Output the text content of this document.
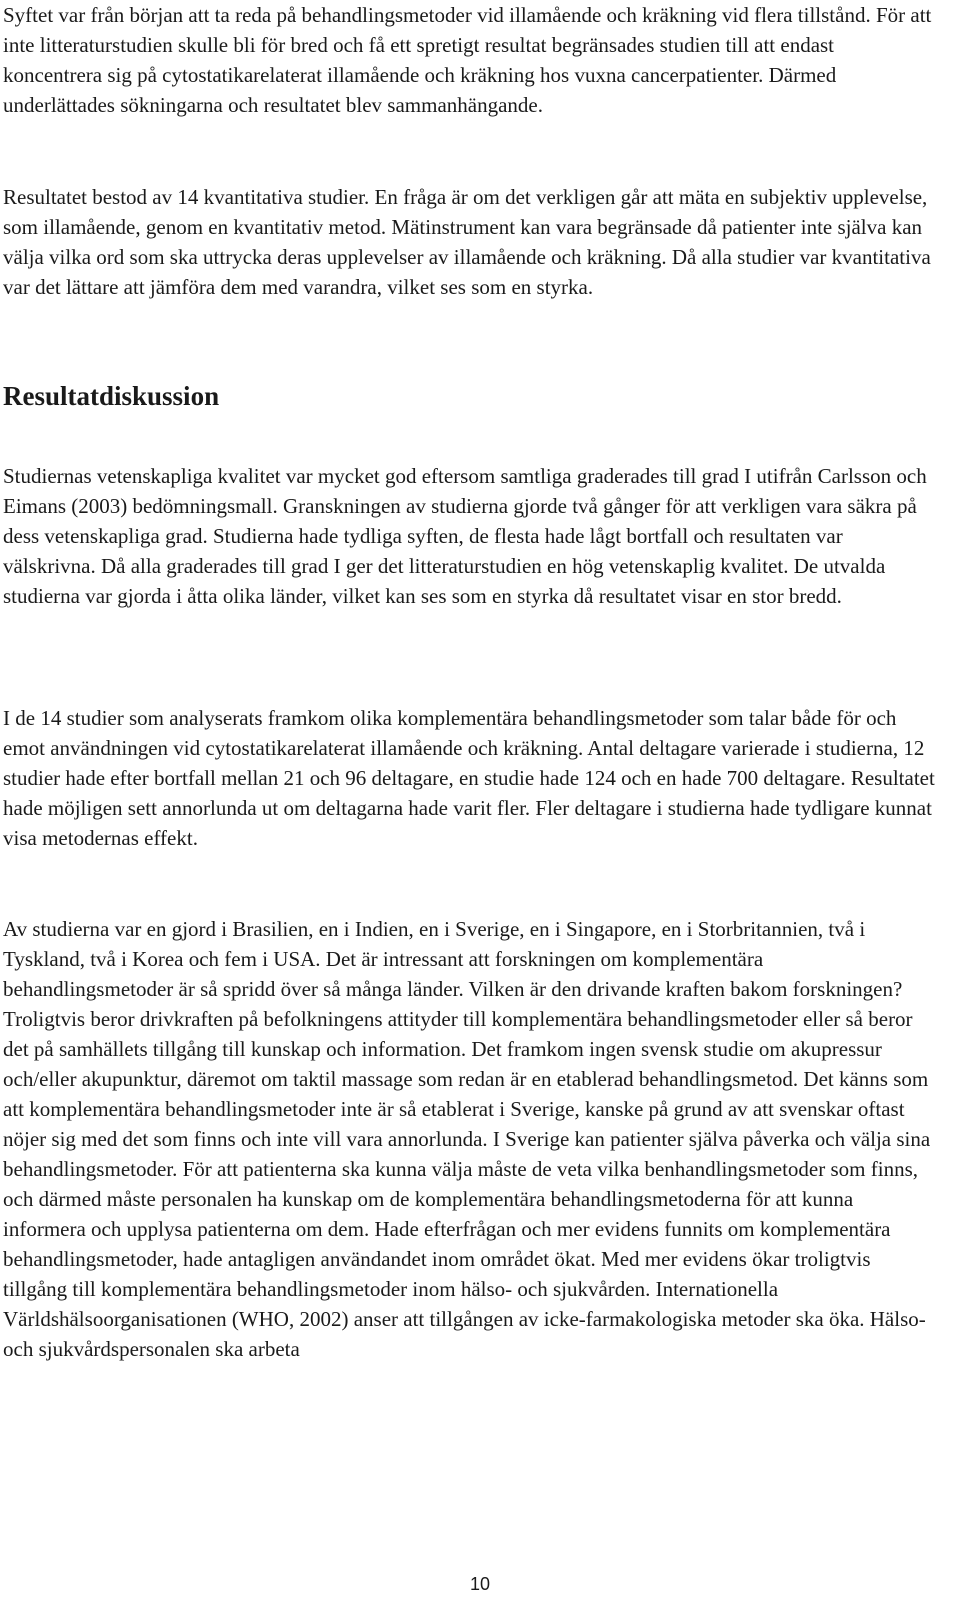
Syftet var från början att ta reda på behandlingsmetoder vid illamående och kräkning vid flera tillstånd. För att inte litteraturstudien skulle bli för bred och få ett spretigt resultat begränsades studien till att endast koncentrera sig på cytostatikarelaterat illamående och kräkning hos vuxna cancerpatienter. Därmed underlättades sökningarna och resultatet blev sammanhängande.

Resultatet bestod av 14 kvantitativa studier. En fråga är om det verkligen går att mäta en subjektiv upplevelse, som illamående, genom en kvantitativ metod. Mätinstrument kan vara begränsade då patienter inte själva kan välja vilka ord som ska uttrycka deras upplevelser av illamående och kräkning. Då alla studier var kvantitativa var det lättare att jämföra dem med varandra, vilket ses som en styrka.

Resultatdiskussion

Studiernas vetenskapliga kvalitet var mycket god eftersom samtliga graderades till grad I utifrån Carlsson och Eimans (2003) bedömningsmall. Granskningen av studierna gjorde två gånger för att verkligen vara säkra på dess vetenskapliga grad. Studierna hade tydliga syften, de flesta hade lågt bortfall och resultaten var välskrivna. Då alla graderades till grad I ger det litteraturstudien en hög vetenskaplig kvalitet. De utvalda studierna var gjorda i åtta olika länder, vilket kan ses som en styrka då resultatet visar en stor bredd.

I de 14 studier som analyserats framkom olika komplementära behandlingsmetoder som talar både för och emot användningen vid cytostatikarelaterat illamående och kräkning. Antal deltagare varierade i studierna, 12 studier hade efter bortfall mellan 21 och 96 deltagare, en studie hade 124 och en hade 700 deltagare. Resultatet hade möjligen sett annorlunda ut om deltagarna hade varit fler. Fler deltagare i studierna hade tydligare kunnat visa metodernas effekt.

Av studierna var en gjord i Brasilien, en i Indien, en i Sverige, en i Singapore, en i Storbritannien, två i Tyskland, två i Korea och fem i USA. Det är intressant att forskningen om komplementära behandlingsmetoder är så spridd över så många länder. Vilken är den drivande kraften bakom forskningen? Troligtvis beror drivkraften på befolkningens attityder till komplementära behandlingsmetoder eller så beror det på samhällets tillgång till kunskap och information. Det framkom ingen svensk studie om akupressur och/eller akupunktur, däremot om taktil massage som redan är en etablerad behandlingsmetod. Det känns som att komplementära behandlingsmetoder inte är så etablerat i Sverige, kanske på grund av att svenskar oftast nöjer sig med det som finns och inte vill vara annorlunda. I Sverige kan patienter själva påverka och välja sina behandlingsmetoder. För att patienterna ska kunna välja måste de veta vilka benhandlingsmetoder som finns, och därmed måste personalen ha kunskap om de komplementära behandlingsmetoderna för att kunna informera och upplysa patienterna om dem. Hade efterfrågan och mer evidens funnits om komplementära behandlingsmetoder, hade antagligen användandet inom området ökat. Med mer evidens ökar troligtvis tillgång till komplementära behandlingsmetoder inom hälso- och sjukvården. Internationella Världshälsoorganisationen (WHO, 2002) anser att tillgången av icke-farmakologiska metoder ska öka. Hälso- och sjukvårdspersonalen ska arbeta

10
